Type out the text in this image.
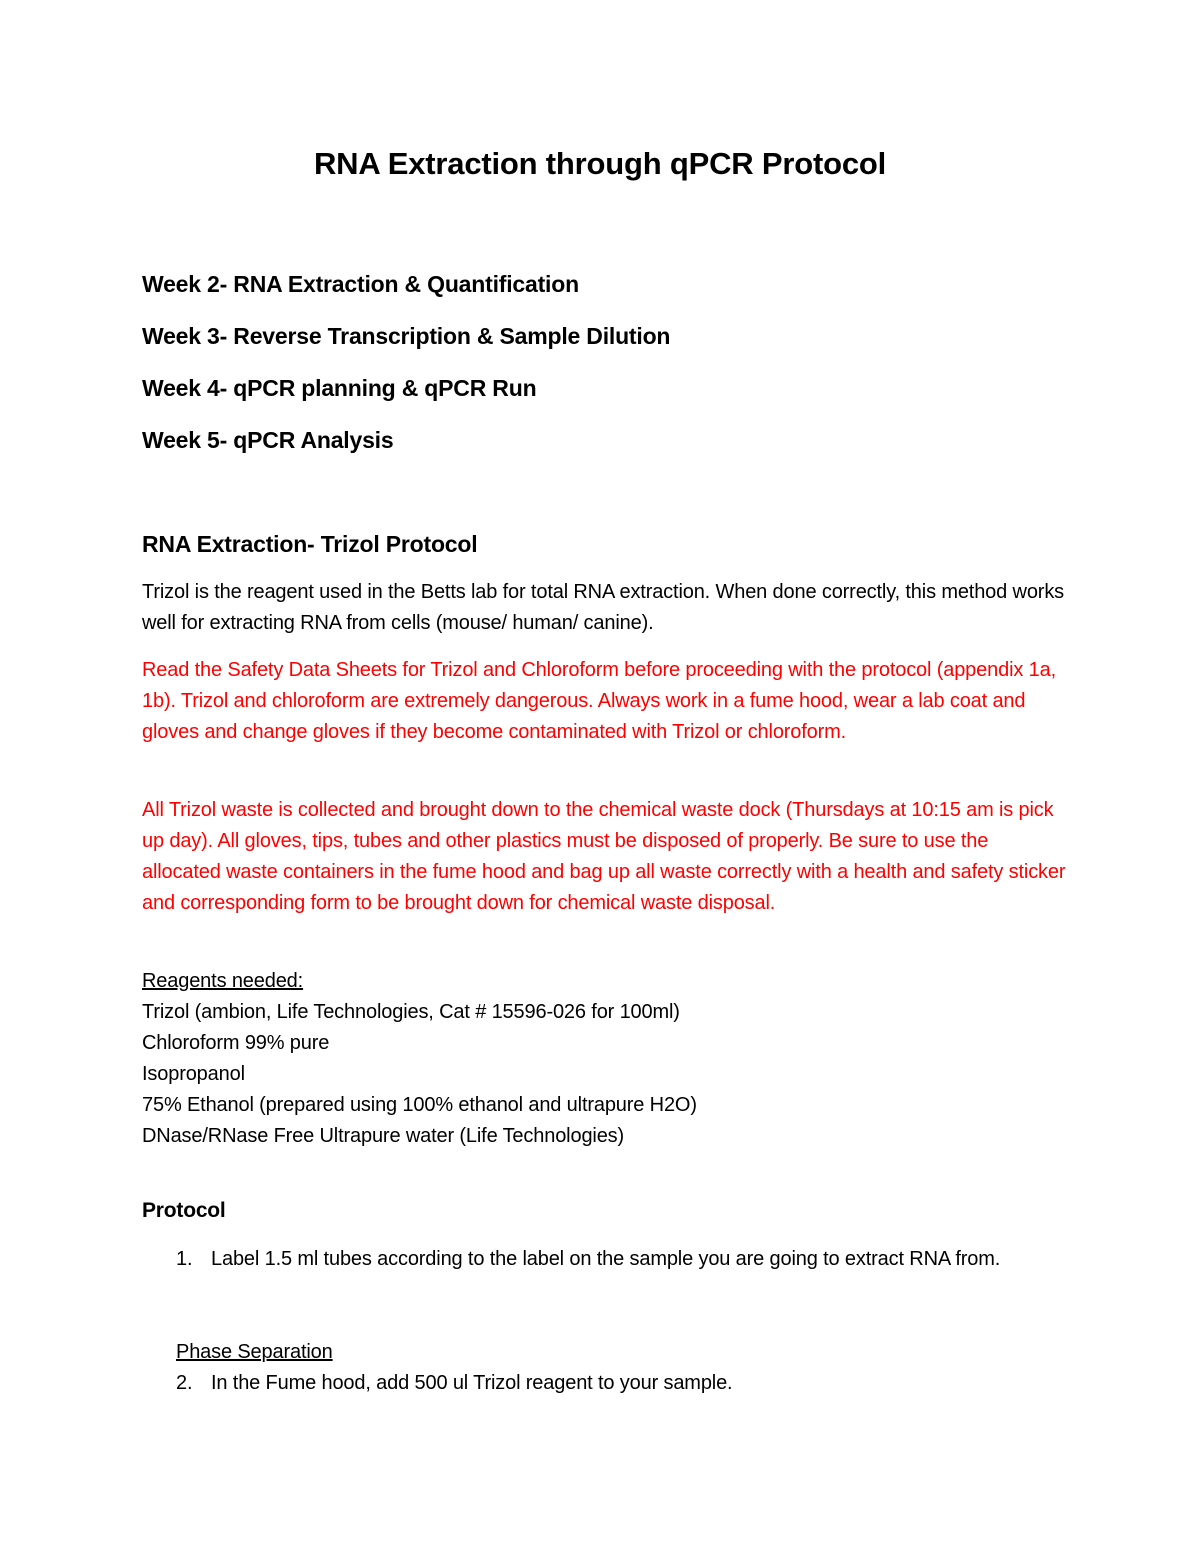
RNA Extraction through qPCR Protocol
Week 2- RNA Extraction & Quantification
Week 3- Reverse Transcription & Sample Dilution
Week 4- qPCR planning & qPCR Run
Week 5- qPCR Analysis
RNA Extraction- Trizol Protocol
Trizol is the reagent used in the Betts lab for total RNA extraction. When done correctly, this method works well for extracting RNA from cells (mouse/ human/ canine).
Read the Safety Data Sheets for Trizol and Chloroform before proceeding with the protocol (appendix 1a, 1b). Trizol and chloroform are extremely dangerous. Always work in a fume hood, wear a lab coat and gloves and change gloves if they become contaminated with Trizol or chloroform.
All Trizol waste is collected and brought down to the chemical waste dock (Thursdays at 10:15 am is pick up day). All gloves, tips, tubes and other plastics must be disposed of properly. Be sure to use the allocated waste containers in the fume hood and bag up all waste correctly with a health and safety sticker and corresponding form to be brought down for chemical waste disposal.
Reagents needed:
Trizol (ambion, Life Technologies, Cat # 15596-026 for 100ml)
Chloroform 99% pure
Isopropanol
75% Ethanol (prepared using 100% ethanol and ultrapure H2O)
DNase/RNase Free Ultrapure water (Life Technologies)
Protocol
1. Label 1.5 ml tubes according to the label on the sample you are going to extract RNA from.
Phase Separation
2. In the Fume hood, add 500 ul Trizol reagent to your sample.
